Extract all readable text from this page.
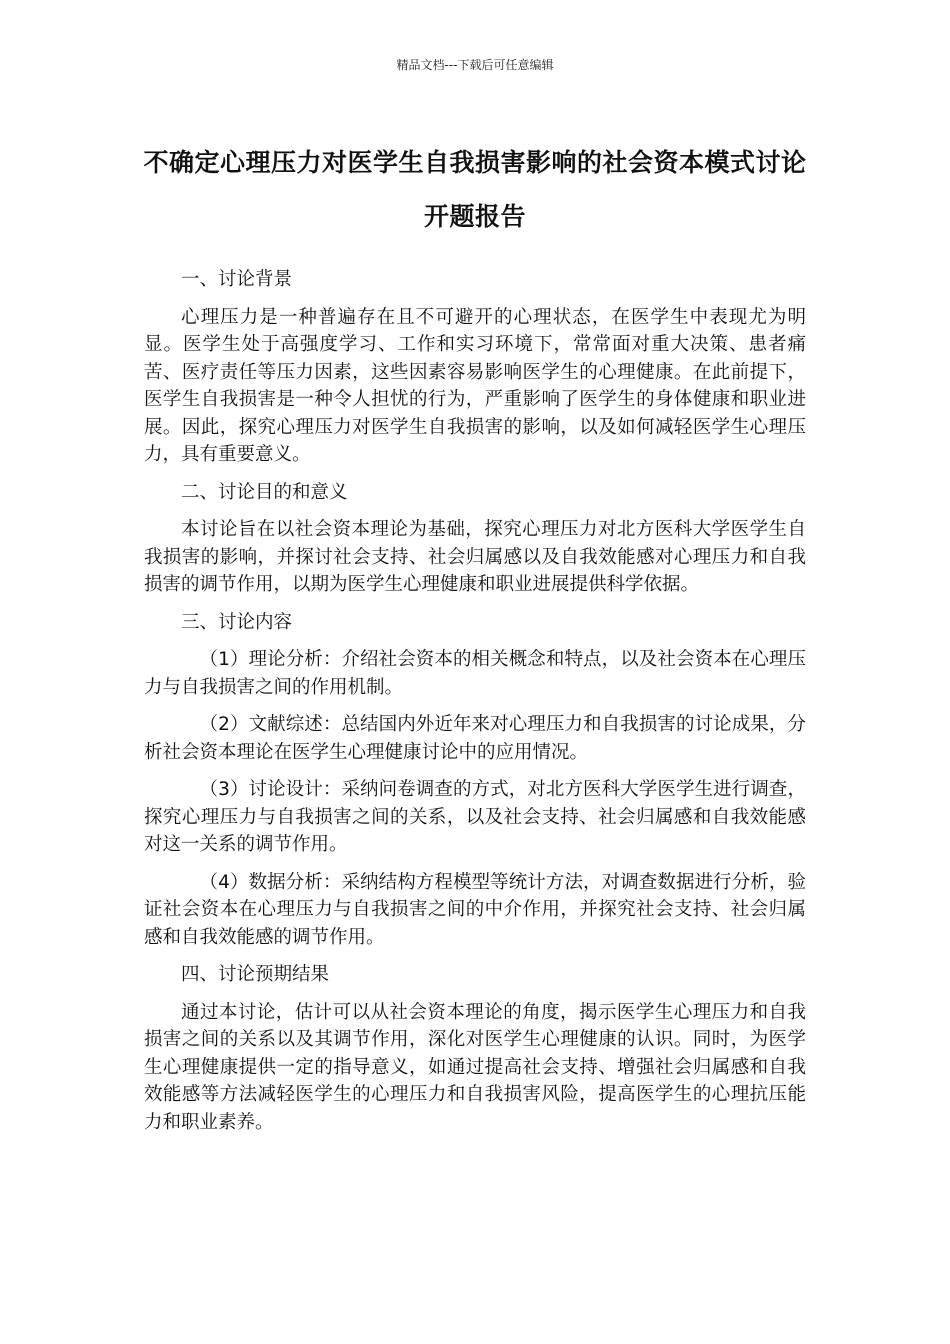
精品文档---下载后可任意编辑
不确定心理压力对医学生自我损害影响的社会资本模式讨论开题报告

一、讨论背景

心理压力是一种普遍存在且不可避开的心理状态，在医学生中表现尤为明显。医学生处于高强度学习、工作和实习环境下，常常面对重大决策、患者痛苦、医疗责任等压力因素，这些因素容易影响医学生的心理健康。在此前提下，医学生自我损害是一种令人担忧的行为，严重影响了医学生的身体健康和职业进展。因此，探究心理压力对医学生自我损害的影响，以及如何减轻医学生心理压力，具有重要意义。

二、讨论目的和意义

本讨论旨在以社会资本理论为基础，探究心理压力对北方医科大学医学生自我损害的影响，并探讨社会支持、社会归属感以及自我效能感对心理压力和自我损害的调节作用，以期为医学生心理健康和职业进展提供科学依据。

三、讨论内容

（1）理论分析：介绍社会资本的相关概念和特点，以及社会资本在心理压力与自我损害之间的作用机制。

（2）文献综述：总结国内外近年来对心理压力和自我损害的讨论成果，分析社会资本理论在医学生心理健康讨论中的应用情况。

（3）讨论设计：采纳问卷调查的方式，对北方医科大学医学生进行调查，探究心理压力与自我损害之间的关系，以及社会支持、社会归属感和自我效能感对这一关系的调节作用。

（4）数据分析：采纳结构方程模型等统计方法，对调查数据进行分析，验证社会资本在心理压力与自我损害之间的中介作用，并探究社会支持、社会归属感和自我效能感的调节作用。

四、讨论预期结果

通过本讨论，估计可以从社会资本理论的角度，揭示医学生心理压力和自我损害之间的关系以及其调节作用，深化对医学生心理健康的认识。同时，为医学生心理健康提供一定的指导意义，如通过提高社会支持、增强社会归属感和自我效能感等方法减轻医学生的心理压力和自我损害风险，提高医学生的心理抗压能力和职业素养。
